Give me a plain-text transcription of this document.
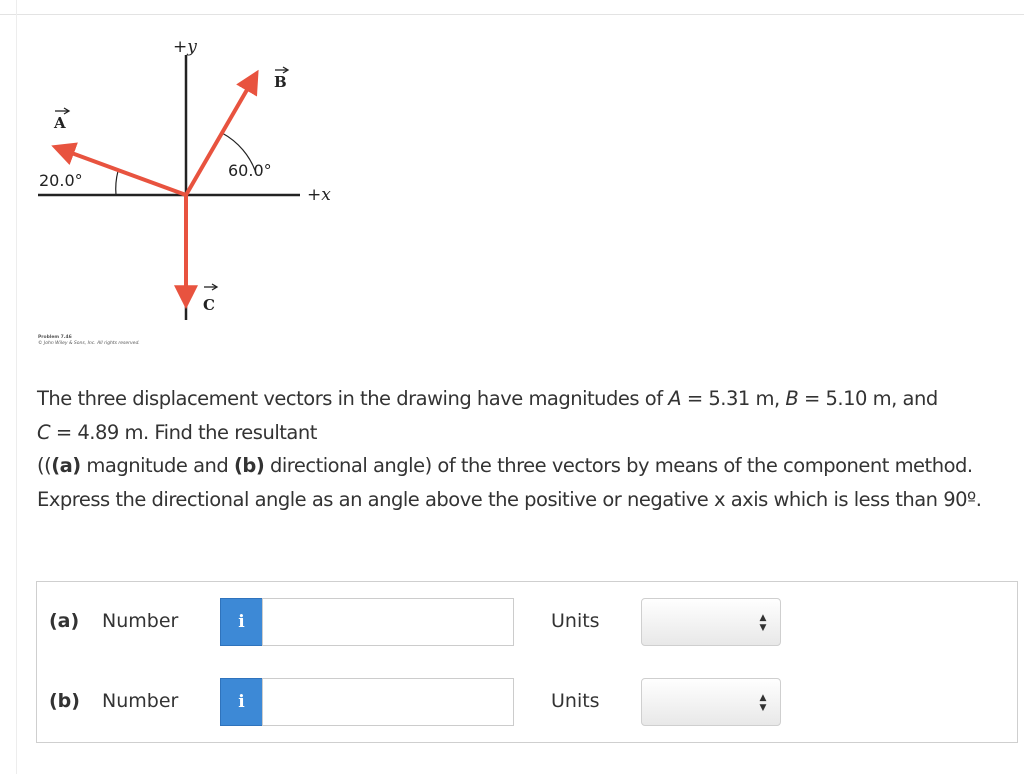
+y
+x
A
B
C
20.0°
60.0°
Problem 7.46
© John Wiley & Sons, Inc. All rights reserved.

The three displacement vectors in the drawing have magnitudes of A = 5.31 m, B = 5.10 m, and
C = 4.89 m. Find the resultant

(((a) magnitude and (b) directional angle) of the three vectors by means of the component method. Express the directional angle as an angle above the positive or negative x axis which is less than 90º.

(a) Number	i	Units	▲
▼
(b) Number	i	Units	▲
▼
